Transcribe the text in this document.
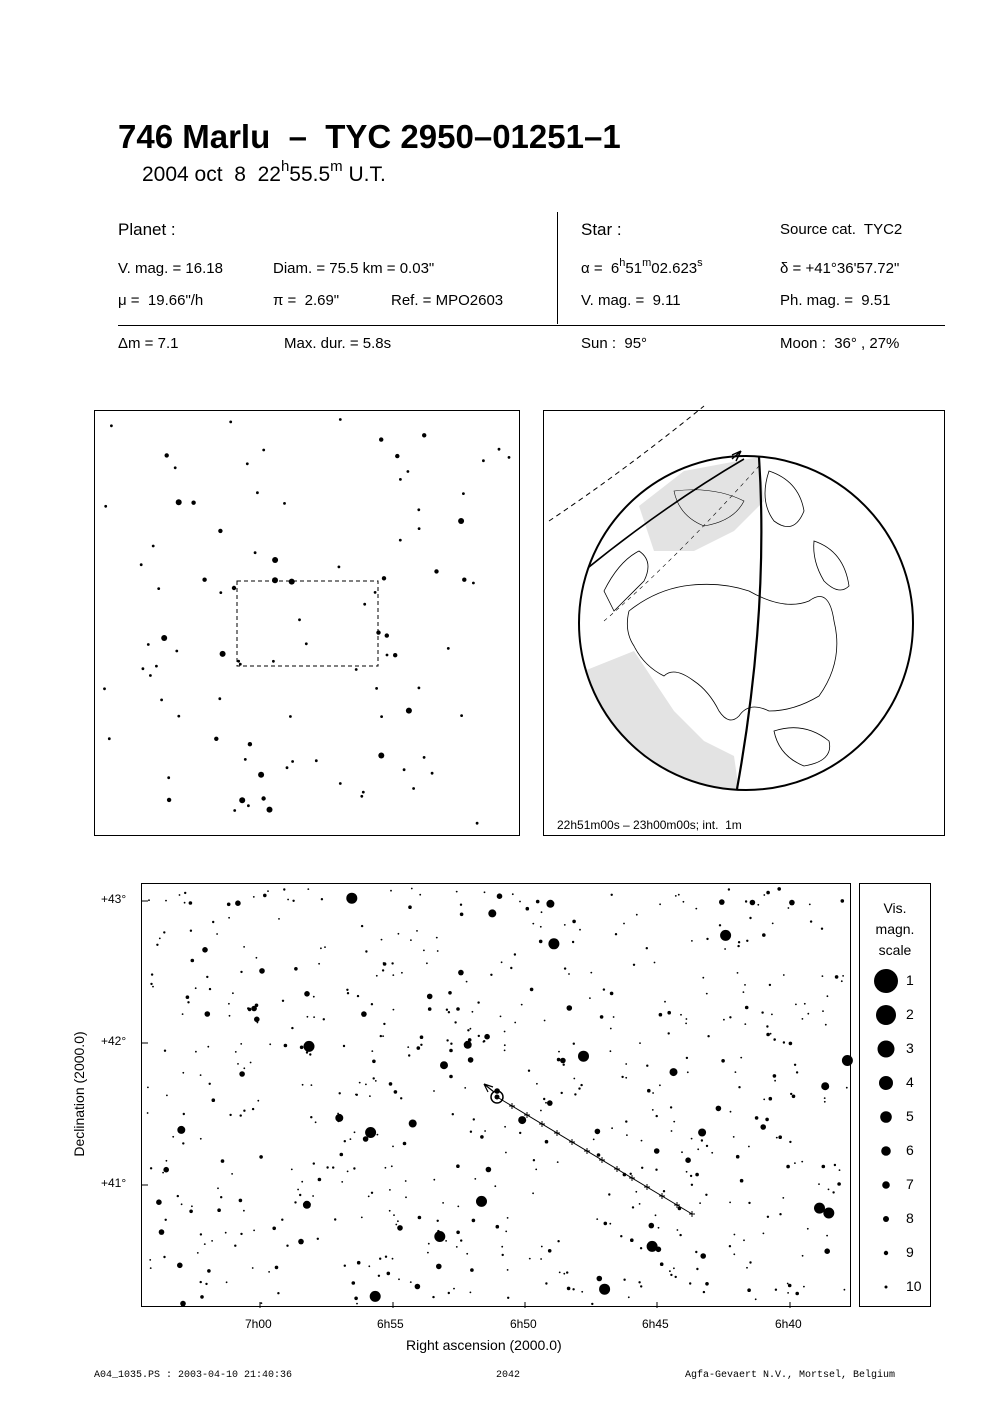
746 Marlu  –  TYC 2950–01251–1
2004 oct  8  22$^h$55.5$^m$ U.T.
Planet :
V. mag. = 16.18	Diam. = 75.5 km = 0.03"
μ =  19.66"/h	π =  2.69"	Ref. = MPO2603
Star :	Source cat.  TYC2
α =  6$^h$51$^m$02.623$^s$	δ = +41°36'57.72"
V. mag. =  9.11	Ph. mag. =  9.51
Δm = 7.1	Max. dur. = 5.8s	Sun :  95°	Moon :  36° , 27%
22h51m00s – 23h00m00s; int.  1m
+43°
+42°
+41°
7h00	6h55	6h50	6h45	6h40
Right ascension (2000.0)
Declination (2000.0)
Vis.
magn.
scale
1
2
3
4
5
6
7
8
9
10
A04_1035.PS : 2003-04-10 21:40:36	2042	Agfa-Gevaert N.V., Mortsel, Belgium
